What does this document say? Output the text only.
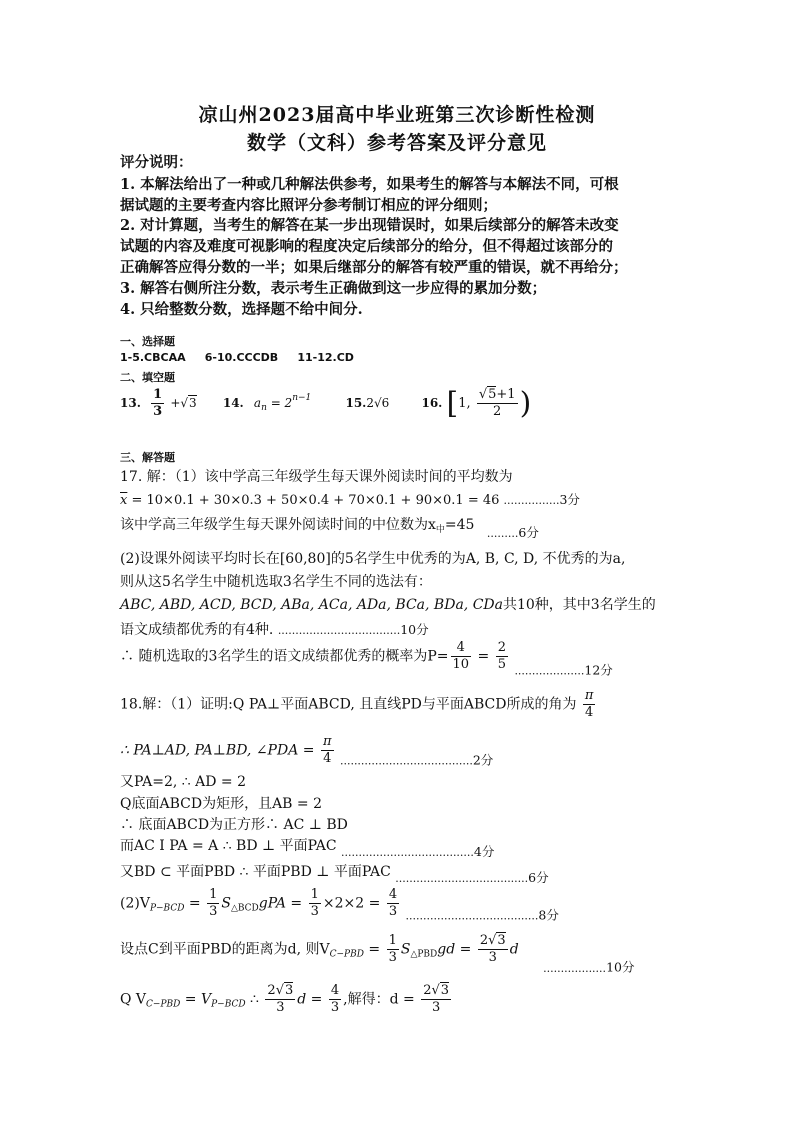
凉山州2023届高中毕业班第三次诊断性检测
数学（文科）参考答案及评分意见
评分说明：
1. 本解法给出了一种或几种解法供参考，如果考生的解答与本解法不同，可根
据试题的主要考查内容比照评分参考制订相应的评分细则；
2. 对计算题，当考生的解答在某一步出现错误时，如果后续部分的解答未改变
试题的内容及难度可视影响的程度决定后续部分的给分，但不得超过该部分的
正确解答应得分数的一半；如果后继部分的解答有较严重的错误，就不再给分；
3. 解答右侧所注分数，表示考生正确做到这一步应得的累加分数；
4. 只给整数分数，选择题不给中间分.
一、选择题
1-5.CBCAA     6-10.CCCDB     11-12.CD
二、填空题
13. $\frac{1}{3} +√3$ 14. $a_n = 2^{n-1}$	15.2√6	16. [1, $\frac{√5+1}{2}$ )
三、解答题
17. 解：（1）该中学高三年级学生每天课外阅读时间的平均数为
$\overline{x} = 10\times 0.1 + 30\times 0.3 + 50\times 0.4 + 70\times 0.1 + 90\times 0.1 = 46$ ................3分
该中学高三年级学生每天课外阅读时间的中位数为$x_中=45$ $_{.........}$6分
(2)设课外阅读平均时长在[60,80]的5名学生中优秀的为A, B, C, D, 不优秀的为a,
则从这5名学生中随机选取3名学生不同的选法有：
ABC, ABD, ACD, BCD, ABa, ACa, ADa, BCa, BDa, CDa共10种，其中3名学生的
语文成绩都优秀的有4种. ...................................10分
∴ 随机选取的3名学生的语文成绩都优秀的概率为$P= \frac{4}{10} = \frac{2}{5} _{....................}12$分
18.解：（1）证明:Q PA⊥平面ABCD, 且直线PD与平面ABCD所成的角为 $\frac{\pi}{4}$
∴ PA⊥AD, PA⊥BD, ∠PDA = $\frac{\pi}{4} _{......................................}2$分
又PA=2, ∴ AD = 2
Q底面ABCD为矩形，且AB = 2
∴ 底面ABCD为正方形∴ AC ⊥ BD
而AC I PA = A ∴ BD ⊥ 平面PAC $_{......................................}$4分
又BD ⊂ 平面PBD ∴ 平面PBD ⊥ 平面PAC $_{......................................}$6分
$(2)V_{P-BCD} = \frac{1}{3} S_{\triangle BCD}gPA = \frac{1}{3} \times 2\times 2 = \frac{4}{3} _{......................................}8$分
设点C到平面PBD的距离为d, 则$V_{C-PBD} = \frac{1}{3} S_{\triangle PBD}gd = \frac{2√3}{3}$ d $_{..................}$10分
Q $V_{C-PBD} = V_{P-BCD}$ ∴ $\frac{2√3}{3}$ $d = \frac{4}{3}$ ,解得：$d = \frac{2√3}{3}$
